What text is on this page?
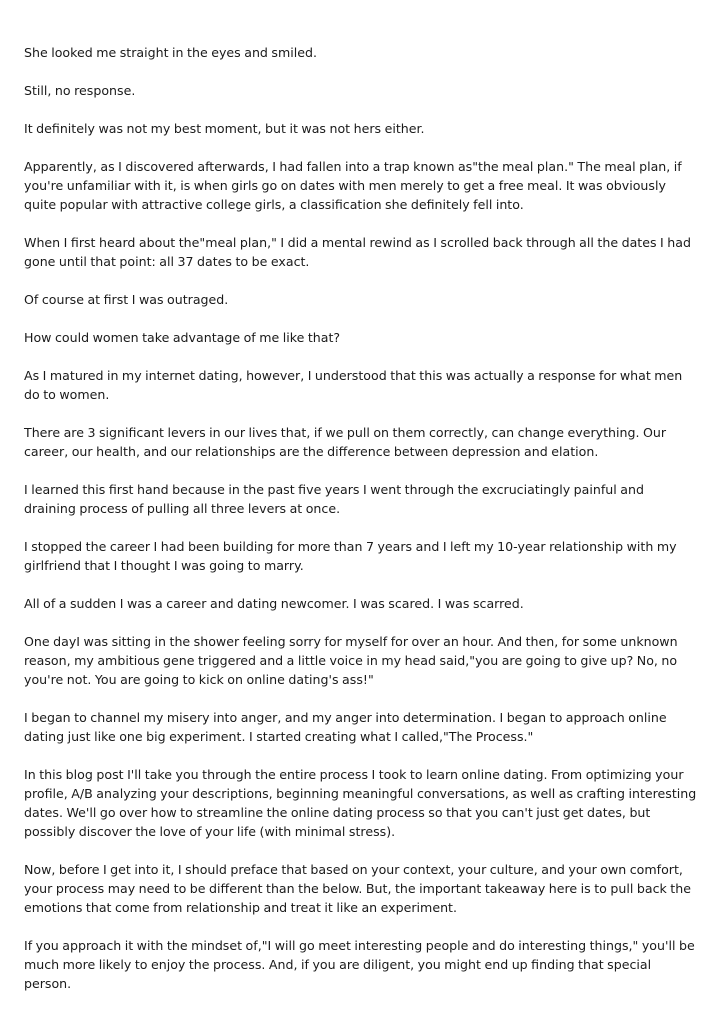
She looked me straight in the eyes and smiled.

Still, no response.

It definitely was not my best moment, but it was not hers either.

Apparently, as I discovered afterwards, I had fallen into a trap known as"the meal plan." The meal plan, if you're unfamiliar with it, is when girls go on dates with men merely to get a free meal. It was obviously quite popular with attractive college girls, a classification she definitely fell into.

When I first heard about the"meal plan," I did a mental rewind as I scrolled back through all the dates I had gone until that point: all 37 dates to be exact.

Of course at first I was outraged.

How could women take advantage of me like that?

As I matured in my internet dating, however, I understood that this was actually a response for what men do to women.

There are 3 significant levers in our lives that, if we pull on them correctly, can change everything. Our career, our health, and our relationships are the difference between depression and elation.

I learned this first hand because in the past five years I went through the excruciatingly painful and draining process of pulling all three levers at once.

I stopped the career I had been building for more than 7 years and I left my 10-year relationship with my girlfriend that I thought I was going to marry.

All of a sudden I was a career and dating newcomer. I was scared. I was scarred.

One dayI was sitting in the shower feeling sorry for myself for over an hour. And then, for some unknown reason, my ambitious gene triggered and a little voice in my head said,"you are going to give up? No, no you're not. You are going to kick on online dating's ass!"

I began to channel my misery into anger, and my anger into determination. I began to approach online dating just like one big experiment. I started creating what I called,"The Process."

In this blog post I'll take you through the entire process I took to learn online dating. From optimizing your profile, A/B analyzing your descriptions, beginning meaningful conversations, as well as crafting interesting dates. We'll go over how to streamline the online dating process so that you can't just get dates, but possibly discover the love of your life (with minimal stress).

Now, before I get into it, I should preface that based on your context, your culture, and your own comfort, your process may need to be different than the below. But, the important takeaway here is to pull back the emotions that come from relationship and treat it like an experiment.

If you approach it with the mindset of,"I will go meet interesting people and do interesting things," you'll be much more likely to enjoy the process. And, if you are diligent, you might end up finding that special person.
